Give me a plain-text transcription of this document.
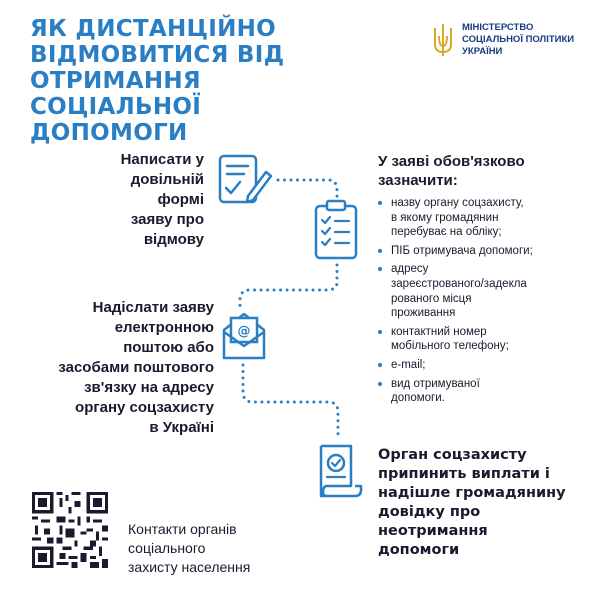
ЯК ДИСТАНЦІЙНО
ВІДМОВИТИСЯ ВІД
ОТРИМАННЯ СОЦІАЛЬНОЇ
ДОПОМОГИ
МІНІСТЕРСТВО
СОЦІАЛЬНОЇ ПОЛІТИКИ
УКРАЇНИ
Написати у
довільній формі
заяву про
відмову
Надіслати заяву
електронною
поштою або
засобами поштового
зв'язку на адресу
органу соцзахисту
в Україні
@
У заяві обов'язково
зазначити:
назву органу соцзахисту,
в якому громадянин
перебуває на обліку;
ПІБ отримувача допомоги;
адресу
зареєстрованого/задекла
рованого місця
проживання
контактний номер
мобільного телефону;
e-mail;
вид отримуваної
допомоги.
Орган соцзахисту
припинить виплати і
надішле громадянину
довідку про
неотримання
допомоги
Контакти органів
соціального
захисту населення
